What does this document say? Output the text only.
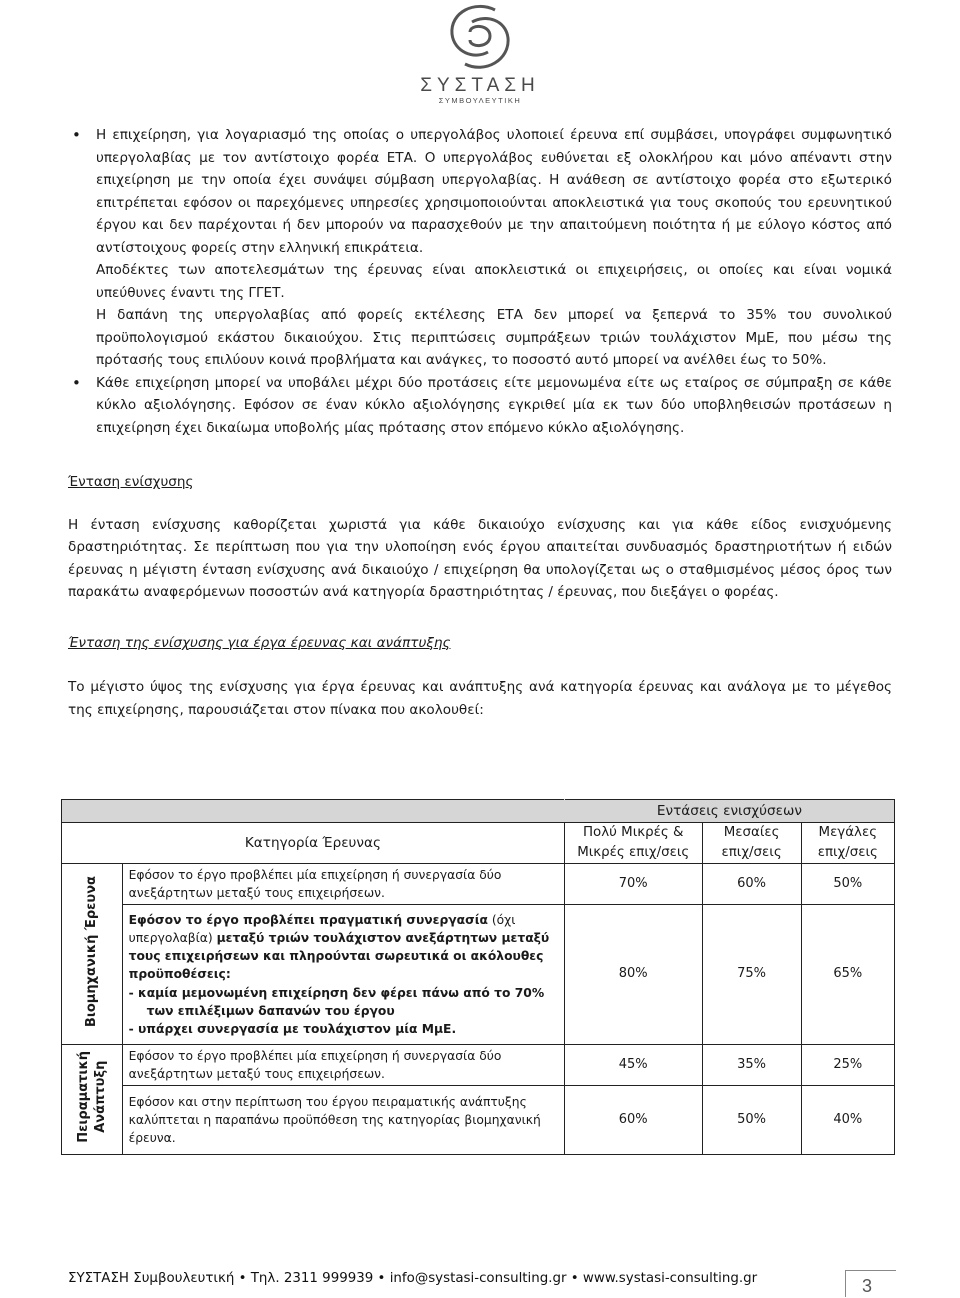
ΣΥΣΤΑΣΗ
ΣΥΜΒΟΥΛΕΥΤΙΚΗ

• Η επιχείρηση, για λογαριασμό της οποίας ο υπεργολάβος υλοποιεί έρευνα επί συμβάσει, υπογράφει συμφωνητικό υπεργολαβίας με τον αντίστοιχο φορέα ΕΤΑ. Ο υπεργολάβος ευθύνεται εξ ολοκλήρου και μόνο απέναντι στην επιχείρηση με την οποία έχει συνάψει σύμβαση υπεργολαβίας. Η ανάθεση σε αντίστοιχο φορέα στο εξωτερικό επιτρέπεται εφόσον οι παρεχόμενες υπηρεσίες χρησιμοποιούνται αποκλειστικά για τους σκοπούς του ερευνητικού έργου και δεν παρέχονται ή δεν μπορούν να παρασχεθούν με την απαιτούμενη ποιότητα ή με εύλογο κόστος από αντίστοιχους φορείς στην ελληνική επικράτεια.

Αποδέκτες των αποτελεσμάτων της έρευνας είναι αποκλειστικά οι επιχειρήσεις, οι οποίες και είναι νομικά υπεύθυνες έναντι της ΓΓΕΤ.

Η δαπάνη της υπεργολαβίας από φορείς εκτέλεσης ΕΤΑ δεν μπορεί να ξεπερνά το 35% του συνολικού προϋπολογισμού εκάστου δικαιούχου. Στις περιπτώσεις συμπράξεων τριών τουλάχιστον ΜμΕ, που μέσω της πρότασής τους επιλύουν κοινά προβλήματα και ανάγκες, το ποσοστό αυτό μπορεί να ανέλθει έως το 50%.

• Κάθε επιχείρηση μπορεί να υποβάλει μέχρι δύο προτάσεις είτε μεμονωμένα είτε ως εταίρος σε σύμπραξη σε κάθε κύκλο αξιολόγησης. Εφόσον σε έναν κύκλο αξιολόγησης εγκριθεί μία εκ των δύο υποβληθεισών προτάσεων η επιχείρηση έχει δικαίωμα υποβολής μίας πρότασης στον επόμενο κύκλο αξιολόγησης.

Ένταση ενίσχυσης

Η ένταση ενίσχυσης καθορίζεται χωριστά για κάθε δικαιούχο ενίσχυσης και για κάθε είδος ενισχυόμενης δραστηριότητας. Σε περίπτωση που για την υλοποίηση ενός έργου απαιτείται συνδυασμός δραστηριοτήτων ή ειδών έρευνας η μέγιστη ένταση ενίσχυσης ανά δικαιούχο / επιχείρηση θα υπολογίζεται ως ο σταθμισμένος μέσος όρος των παρακάτω αναφερόμενων ποσοστών ανά κατηγορία δραστηριότητας / έρευνας, που διεξάγει ο φορέας.

Ένταση της ενίσχυσης για έργα έρευνας και ανάπτυξης

Το μέγιστο ύψος της ενίσχυσης για έργα έρευνας και ανάπτυξης ανά κατηγορία έρευνας και ανάλογα με το μέγεθος της επιχείρησης, παρουσιάζεται στον πίνακα που ακολουθεί:

		Εντάσεις ενισχύσεων		
Κατηγορία Έρευνας		Πολύ Μικρές & Μικρές επιχ/σεις	Μεσαίες επιχ/σεις	Μεγάλες επιχ/σεις
Βιομηχανική Έρευνα	Εφόσον το έργο προβλέπει μία επιχείρηση ή συνεργασία δύο ανεξάρτητων μεταξύ τους επιχειρήσεων.	70%	60%	50%
	Εφόσον το έργο προβλέπει πραγματική συνεργασία (όχι υπεργολαβία) μεταξύ τριών τουλάχιστον ανεξάρτητων μεταξύ τους επιχειρήσεων και πληρούνται σωρευτικά οι ακόλουθες προϋποθέσεις:

- καμία μεμονωμένη επιχείρηση δεν φέρει πάνω από το 70% των επιλέξιμων δαπανών του έργου
- υπάρχει συνεργασία με τουλάχιστον μία ΜμΕ.	80%	75%	65%
Πειραματική Ανάπτυξη	Εφόσον το έργο προβλέπει μία επιχείρηση ή συνεργασία δύο ανεξάρτητων μεταξύ τους επιχειρήσεων.	45%	35%	25%
	Εφόσον και στην περίπτωση του έργου πειραματικής ανάπτυξης καλύπτεται η παραπάνω προϋπόθεση της κατηγορίας βιομηχανική έρευνα.	60%	50%	40%
ΣΥΣΤΑΣΗ Συμβουλευτική • Τηλ. 2311 999939 • info@systasi-consulting.gr • www.systasi-consulting.gr	3
